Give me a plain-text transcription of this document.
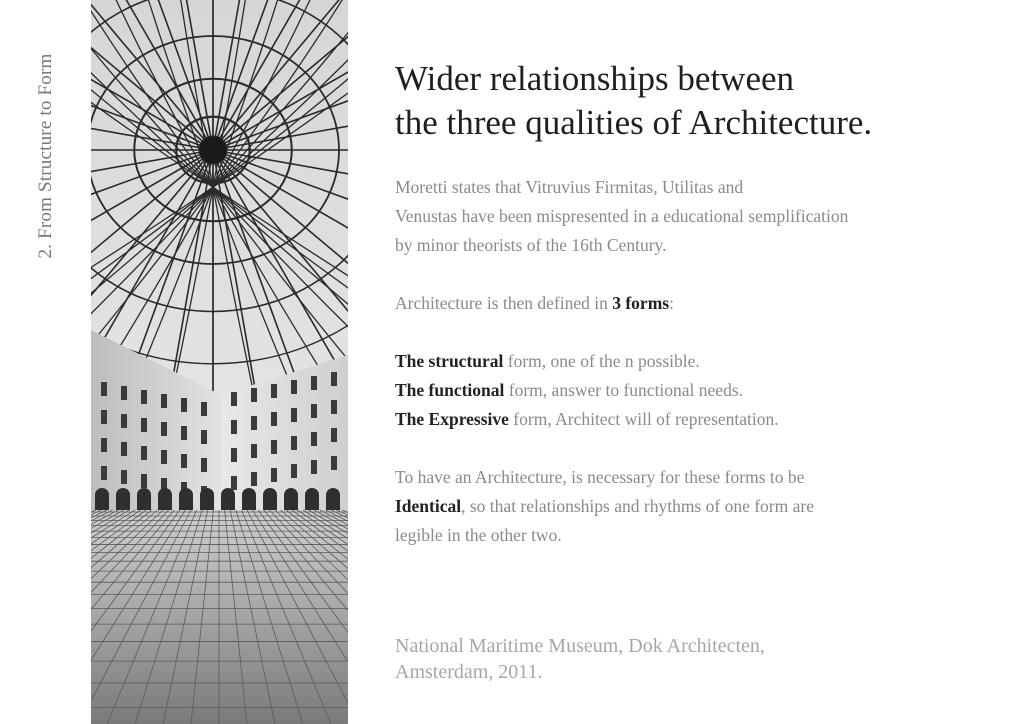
2. From Structure to Form	Wider relationships between
the three qualities of Architecture.

Moretti states that Vitruvius Firmitas, Utilitas and

Venustas have been mispresented in a educational semplification

by minor theorists of the 16th Century.

Architecture is then defined in 3 forms:

The structural form, one of the n possible.

The functional form, answer to functional needs.

The Expressive form, Architect will of representation.

To have an Architecture, is necessary for these forms to be

Identical, so that relationships and rhythms of one form are

legible in the other two.

National Maritime Museum, Dok Architecten,
Amsterdam, 2011.
